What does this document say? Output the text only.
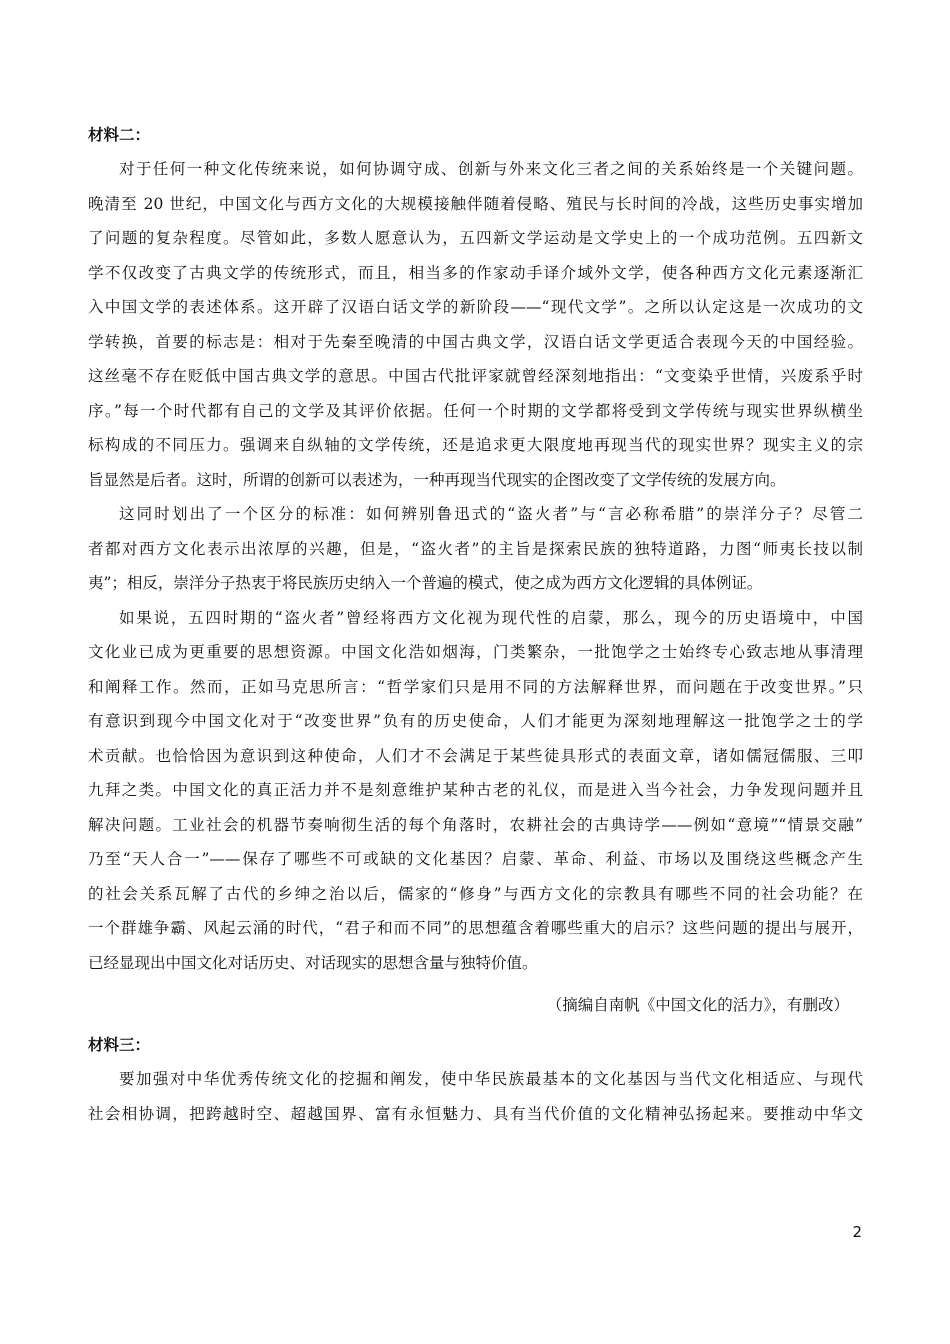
材料二：

对于任何一种文化传统来说，如何协调守成、创新与外来文化三者之间的关系始终是一个关键问题。
晚清至 20 世纪，中国文化与西方文化的大规模接触伴随着侵略、殖民与长时间的冷战，这些历史事实增加
了问题的复杂程度。尽管如此，多数人愿意认为，五四新文学运动是文学史上的一个成功范例。五四新文
学不仅改变了古典文学的传统形式，而且，相当多的作家动手译介域外文学，使各种西方文化元素逐渐汇
入中国文学的表述体系。这开辟了汉语白话文学的新阶段——“现代文学”。之所以认定这是一次成功的文
学转换，首要的标志是：相对于先秦至晚清的中国古典文学，汉语白话文学更适合表现今天的中国经验。
这丝毫不存在贬低中国古典文学的意思。中国古代批评家就曾经深刻地指出：“文变染乎世情，兴废系乎时
序。”每一个时代都有自己的文学及其评价依据。任何一个时期的文学都将受到文学传统与现实世界纵横坐
标构成的不同压力。强调来自纵轴的文学传统，还是追求更大限度地再现当代的现实世界？现实主义的宗
旨显然是后者。这时，所谓的创新可以表述为，一种再现当代现实的企图改变了文学传统的发展方向。

这同时划出了一个区分的标准：如何辨别鲁迅式的“盗火者”与“言必称希腊”的崇洋分子？尽管二
者都对西方文化表示出浓厚的兴趣，但是，“盗火者”的主旨是探索民族的独特道路，力图“师夷长技以制
夷”；相反，崇洋分子热衷于将民族历史纳入一个普遍的模式，使之成为西方文化逻辑的具体例证。

如果说，五四时期的“盗火者”曾经将西方文化视为现代性的启蒙，那么，现今的历史语境中，中国
文化业已成为更重要的思想资源。中国文化浩如烟海，门类繁杂，一批饱学之士始终专心致志地从事清理
和阐释工作。然而，正如马克思所言：“哲学家们只是用不同的方法解释世界，而问题在于改变世界。”只
有意识到现今中国文化对于“改变世界”负有的历史使命，人们才能更为深刻地理解这一批饱学之士的学
术贡献。也恰恰因为意识到这种使命，人们才不会满足于某些徒具形式的表面文章，诸如儒冠儒服、三叩
九拜之类。中国文化的真正活力并不是刻意维护某种古老的礼仪，而是进入当今社会，力争发现问题并且
解决问题。工业社会的机器节奏响彻生活的每个角落时，农耕社会的古典诗学——例如“意境”“情景交融”
乃至“天人合一”——保存了哪些不可或缺的文化基因？启蒙、革命、利益、市场以及围绕这些概念产生
的社会关系瓦解了古代的乡绅之治以后，儒家的“修身”与西方文化的宗教具有哪些不同的社会功能？在
一个群雄争霸、风起云涌的时代，“君子和而不同”的思想蕴含着哪些重大的启示？这些问题的提出与展开，
已经显现出中国文化对话历史、对话现实的思想含量与独特价值。

（摘编自南帆《中国文化的活力》，有删改）
材料三：

要加强对中华优秀传统文化的挖掘和阐发，使中华民族最基本的文化基因与当代文化相适应、与现代
社会相协调，把跨越时空、超越国界、富有永恒魅力、具有当代价值的文化精神弘扬起来。要推动中华文

2
